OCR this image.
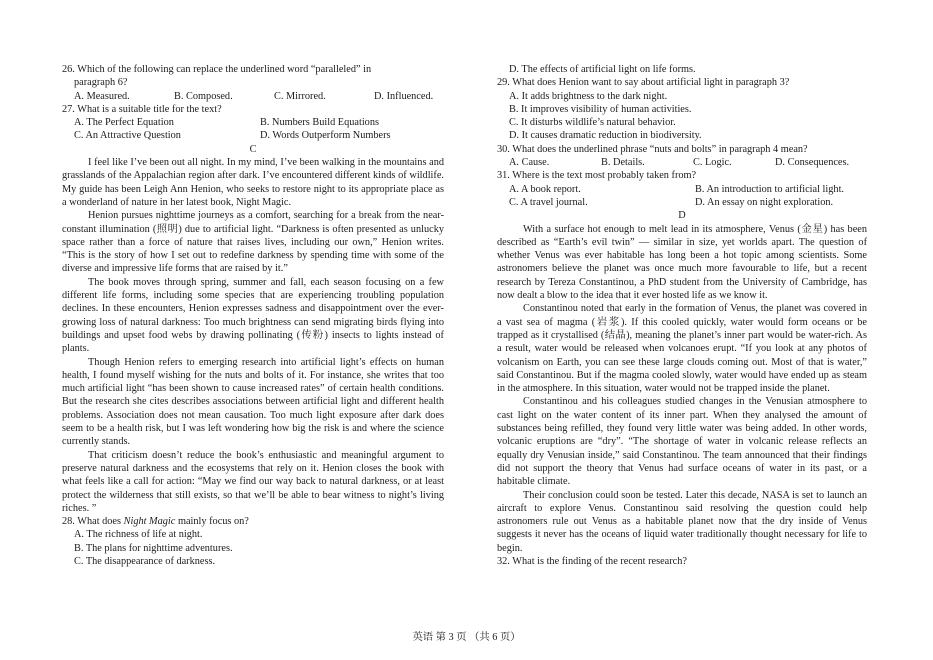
26. Which of the following can replace the underlined word “paralleled” in
paragraph 6?
A. Measured.	B. Composed.	C. Mirrored.	D. Influenced.
27. What is a suitable title for the text?
A. The Perfect Equation	B. Numbers Build Equations
C. An Attractive Question	D. Words Outperform Numbers
C

I feel like I’ve been out all night. In my mind, I’ve been walking in the mountains and grasslands of the Appalachian region after dark. I’ve encountered different kinds of wildlife. My guide has been Leigh Ann Henion, who seeks to restore night to its appropriate place as a wonderland of nature in her latest book, Night Magic.

Henion pursues nighttime journeys as a comfort, searching for a break from the near-constant illumination (照明) due to artificial light. “Darkness is often presented as unlucky space rather than a force of nature that raises lives, including our own,” Henion writes. “This is the story of how I set out to redefine darkness by spending time with some of the diverse and impressive life forms that are raised by it.”

The book moves through spring, summer and fall, each season focusing on a few different life forms, including some species that are experiencing troubling population declines. In these encounters, Henion expresses sadness and disappointment over the ever-growing loss of natural darkness: Too much brightness can send migrating birds flying into buildings and upset food webs by drawing pollinating (传粉) insects to lights instead of plants.

Though Henion refers to emerging research into artificial light’s effects on human health, I found myself wishing for the nuts and bolts of it. For instance, she writes that too much artificial light “has been shown to cause increased rates” of certain health conditions. But the research she cites describes associations between artificial light and different health problems. Association does not mean causation. Too much light exposure after dark does seem to be a health risk, but I was left wondering how big the risk is and where the science currently stands.

That criticism doesn’t reduce the book’s enthusiastic and meaningful argument to preserve natural darkness and the ecosystems that rely on it. Henion closes the book with what feels like a call for action: “May we find our way back to natural darkness, or at least protect the wilderness that still exists, so that we’ll be able to bear witness to night’s living riches. ”

28. What does Night Magic mainly focus on?
A. The richness of life at night.
B. The plans for nighttime adventures.
C. The disappearance of darkness.
D. The effects of artificial light on life forms.
29. What does Henion want to say about artificial light in paragraph 3?
A. It adds brightness to the dark night.
B. It improves visibility of human activities.
C. It disturbs wildlife’s natural behavior.
D. It causes dramatic reduction in biodiversity.
30. What does the underlined phrase “nuts and bolts” in paragraph 4 mean?
A. Cause.	B. Details.	C. Logic.	D. Consequences.
31. Where is the text most probably taken from?
A. A book report.	B. An introduction to artificial light.
C. A travel journal.	D. An essay on night exploration.
D

With a surface hot enough to melt lead in its atmosphere, Venus (金星) has been described as “Earth’s evil twin” — similar in size, yet worlds apart. The question of whether Venus was ever habitable has long been a hot topic among scientists. Some astronomers believe the planet was once much more favourable to life, but a recent research by Tereza Constantinou, a PhD student from the University of Cambridge, has now dealt a blow to the idea that it ever hosted life as we know it.

Constantinou noted that early in the formation of Venus, the planet was covered in a vast sea of magma (岩浆). If this cooled quickly, water would form oceans or be trapped as it crystallised (结晶), meaning the planet’s inner part would be water-rich. As a result, water would be released when volcanoes erupt. “If you look at any photos of volcanism on Earth, you can see these large clouds coming out. Most of that is water,” said Constantinou. But if the magma cooled slowly, water would have ended up as steam in the atmosphere. In this situation, water would not be trapped inside the planet.

Constantinou and his colleagues studied changes in the Venusian atmosphere to cast light on the water content of its inner part. When they analysed the amount of substances being refilled, they found very little water was being added. In other words, volcanic eruptions are “dry”. “The shortage of water in volcanic release reflects an equally dry Venusian inside,” said Constantinou. The team announced that their findings did not support the theory that Venus had surface oceans of water in its past, or a habitable climate.

Their conclusion could soon be tested. Later this decade, NASA is set to launch an aircraft to explore Venus. Constantinou said resolving the question could help astronomers rule out Venus as a habitable planet now that the dry inside of Venus suggests it never has the oceans of liquid water traditionally thought necessary for life to begin.

32. What is the finding of the recent research?
英语 第 3 页 （共 6 页）
